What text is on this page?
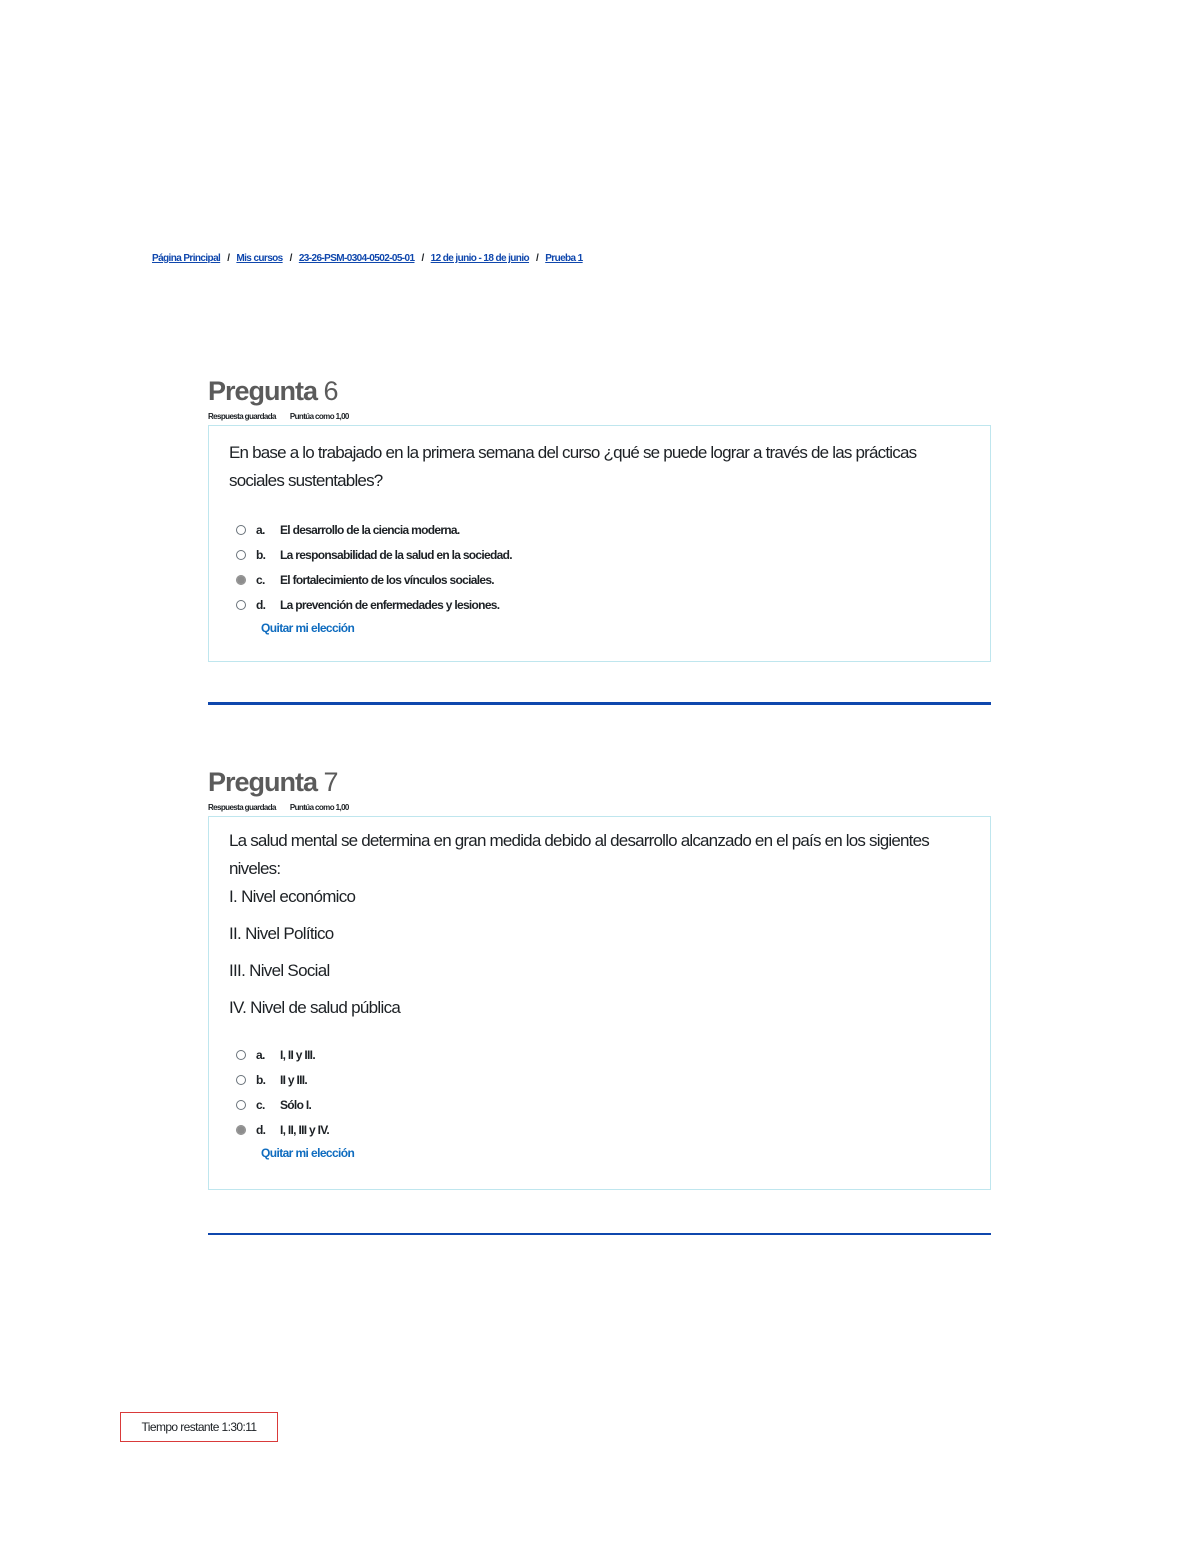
Página Principal / Mis cursos / 23-26-PSM-0304-0502-05-01 / 12 de junio - 18 de junio / Prueba 1
Pregunta 6
Respuesta guardada Puntúa como 1,00

En base a lo trabajado en la primera semana del curso ¿qué se puede lograr a través de las prácticas sociales sustentables?

a.	El desarrollo de la ciencia moderna.
b.	La responsabilidad de la salud en la sociedad.
c.	El fortalecimiento de los vínculos sociales.
d.	La prevención de enfermedades y lesiones.
Quitar mi elección
Pregunta 7
Respuesta guardada Puntúa como 1,00

La salud mental se determina en gran medida debido al desarrollo alcanzado en el país en los sigientes niveles:

I. Nivel económico

II. Nivel Político

III. Nivel Social

IV. Nivel de salud pública

a.	I, II y III.
b.	II y III.
c.	Sólo I.
d.	I, II, III y IV.
Quitar mi elección
Tiempo restante
1:30:11
